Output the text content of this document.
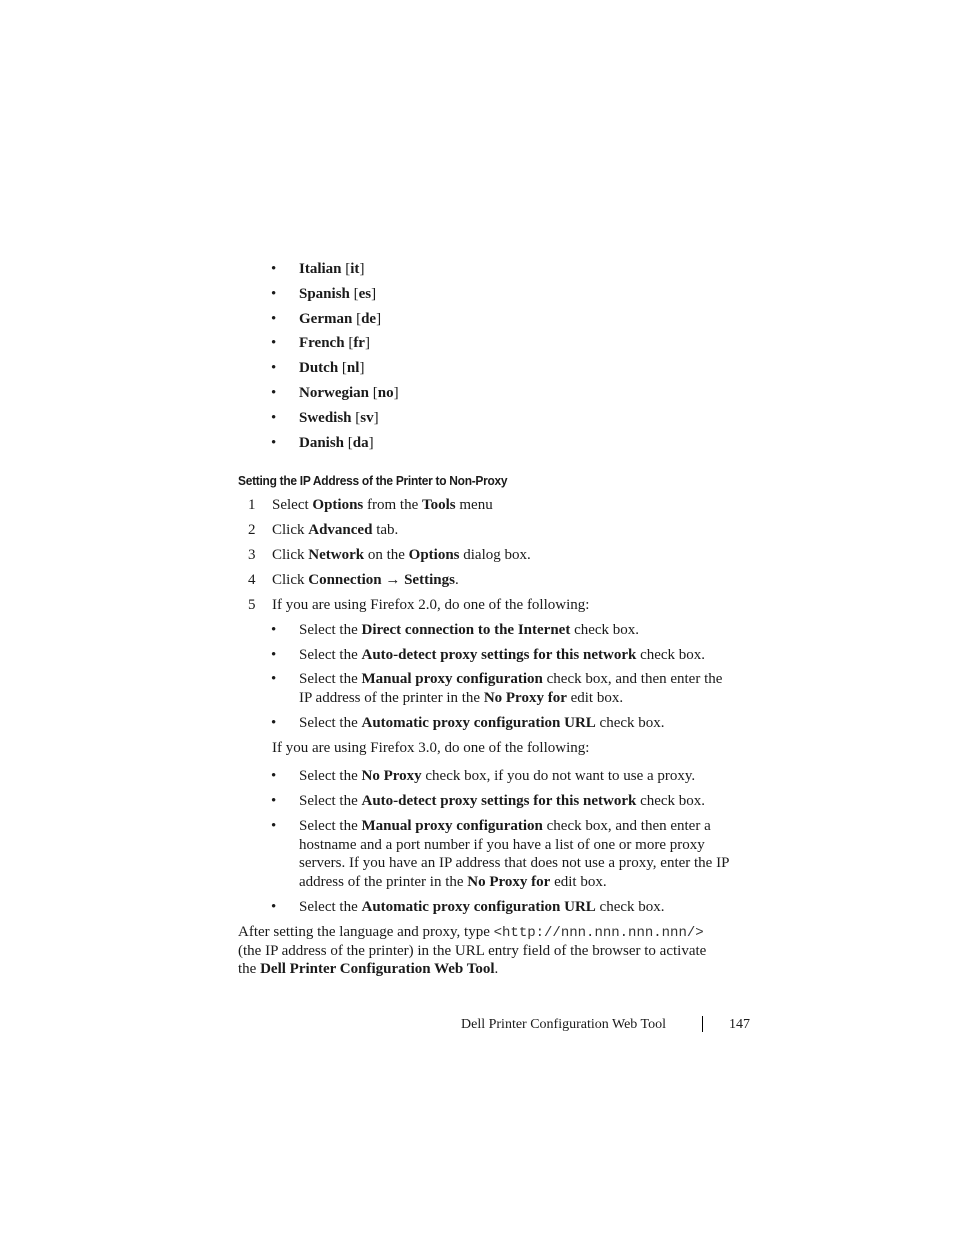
•	Italian [it]
•	Spanish [es]
•	German [de]
•	French [fr]
•	Dutch [nl]
•	Norwegian [no]
•	Swedish [sv]
•	Danish [da]
Setting the IP Address of the Printer to Non-Proxy
1	Select Options from the Tools menu
2	Click Advanced tab.
3	Click Network on the Options dialog box.
4	Click Connection → Settings.
5	If you are using Firefox 2.0, do one of the following:
•	Select the Direct connection to the Internet check box.
•	Select the Auto-detect proxy settings for this network check box.
•	Select the Manual proxy configuration check box, and then enter the
IP address of the printer in the No Proxy for edit box.
•	Select the Automatic proxy configuration URL check box.
If you are using Firefox 3.0, do one of the following:
•	Select the No Proxy check box, if you do not want to use a proxy.
•	Select the Auto-detect proxy settings for this network check box.
•	Select the Manual proxy configuration check box, and then enter a
hostname and a port number if you have a list of one or more proxy
servers. If you have an IP address that does not use a proxy, enter the IP
address of the printer in the No Proxy for edit box.
•	Select the Automatic proxy configuration URL check box.
After setting the language and proxy, type <http://nnn.nnn.nnn.nnn/>
(the IP address of the printer) in the URL entry field of the browser to activate
the Dell Printer Configuration Web Tool.
Dell Printer Configuration Web Tool	147
